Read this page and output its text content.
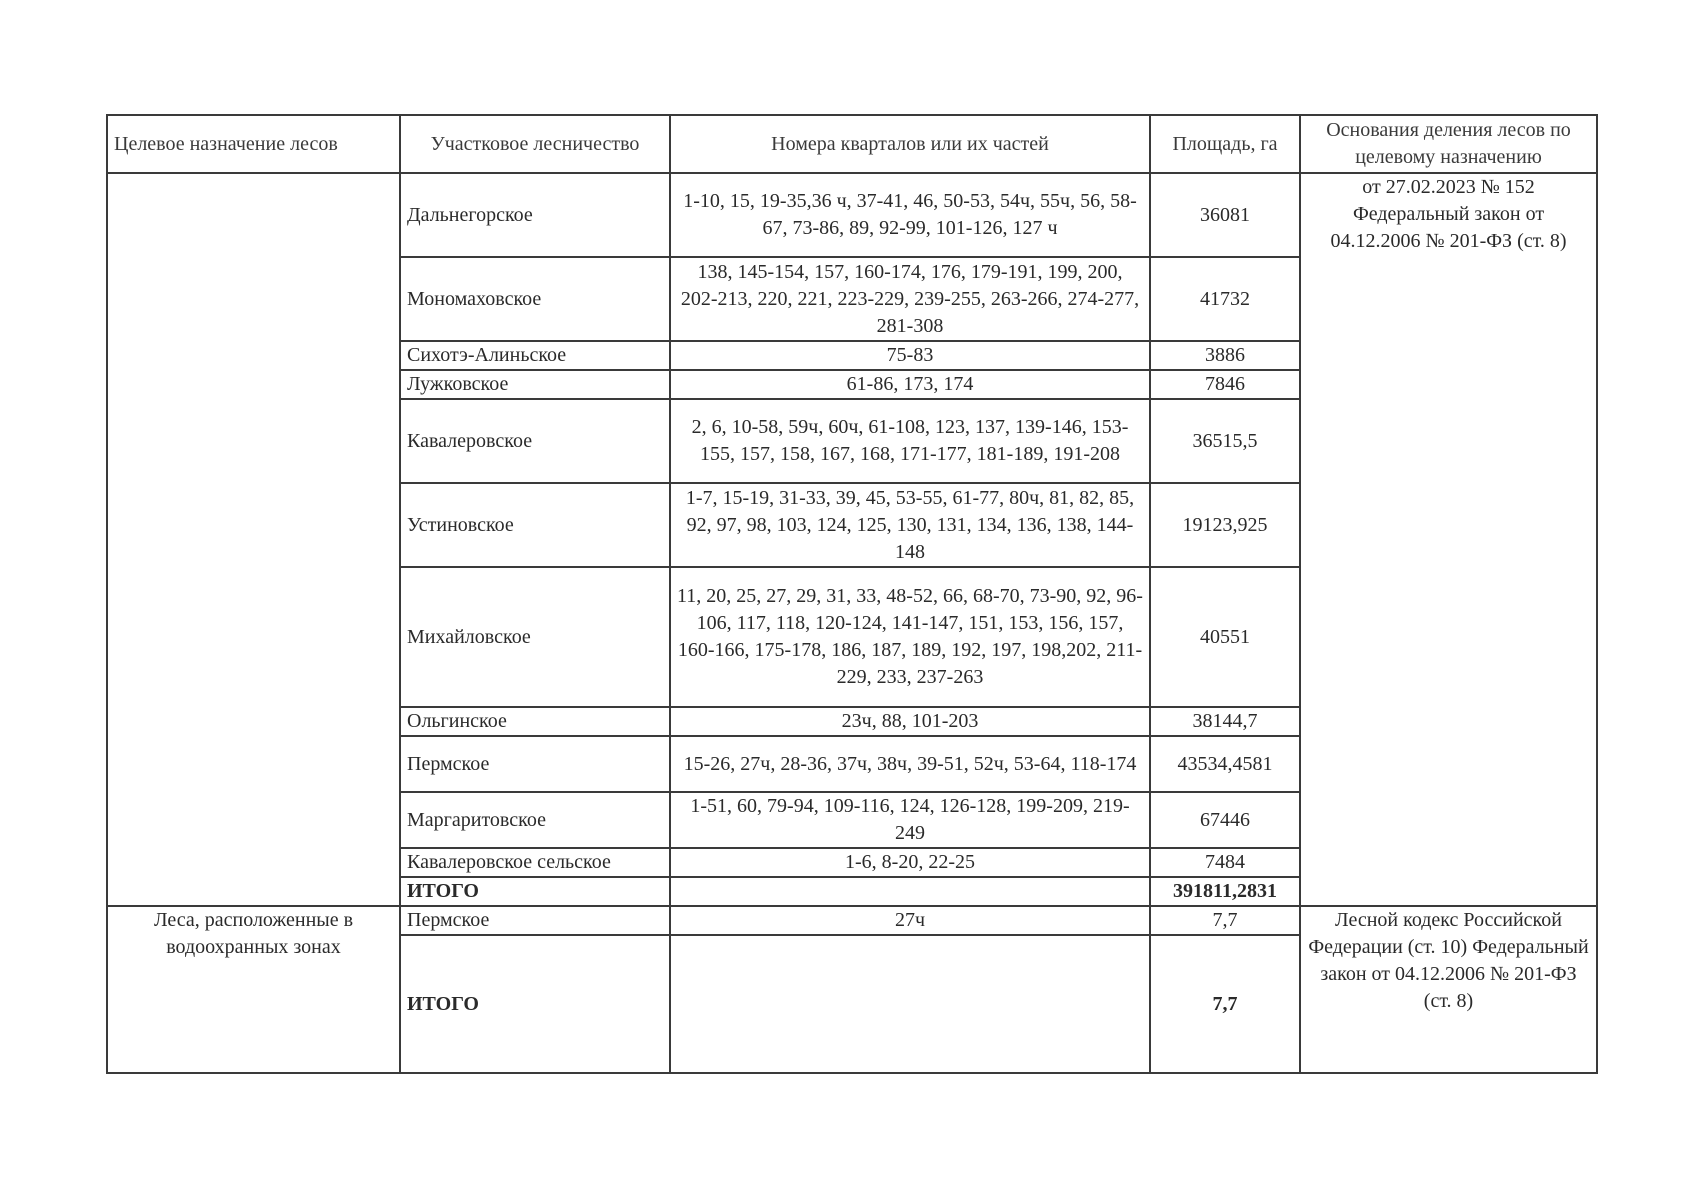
Целевое назначение лесов	Участковое лесничество	Номера кварталов или их частей	Площадь, га	Основания деления лесов по целевому назначению
	Дальнегорское	1-10, 15, 19-35,36 ч, 37-41, 46, 50-53, 54ч, 55ч, 56, 58-67, 73-86, 89, 92-99, 101-126, 127 ч	36081	от 27.02.2023 № 152 Федеральный закон от 04.12.2006 № 201-ФЗ (ст. 8)
	Мономаховское	138, 145-154, 157, 160-174, 176, 179-191, 199, 200, 202-213, 220, 221, 223-229, 239-255, 263-266, 274-277, 281-308	41732	
	Сихотэ-Алиньское	75-83	3886	
	Лужковское	61-86, 173, 174	7846	
	Кавалеровское	2, 6, 10-58, 59ч, 60ч, 61-108, 123, 137, 139-146, 153-155, 157, 158, 167, 168, 171-177, 181-189, 191-208	36515,5	
	Устиновское	1-7, 15-19, 31-33, 39, 45, 53-55, 61-77, 80ч, 81, 82, 85, 92, 97, 98, 103, 124, 125, 130, 131, 134, 136, 138, 144-148	19123,925	
	Михайловское	11, 20, 25, 27, 29, 31, 33, 48-52, 66, 68-70, 73-90, 92, 96-106, 117, 118, 120-124, 141-147, 151, 153, 156, 157, 160-166, 175-178, 186, 187, 189, 192, 197, 198,202, 211-229, 233, 237-263	40551	
	Ольгинское	23ч, 88, 101-203	38144,7	
	Пермское	15-26, 27ч, 28-36, 37ч, 38ч, 39-51, 52ч, 53-64, 118-174	43534,4581	
	Маргаритовское	1-51, 60, 79-94, 109-116, 124, 126-128, 199-209, 219-249	67446	
	Кавалеровское сельское	1-6, 8-20, 22-25	7484	
	ИТОГО		391811,2831	
Леса, расположенные в водоохранных зонах	Пермское	27ч	7,7	Лесной кодекс Российской Федерации (ст. 10) Федеральный закон от 04.12.2006 № 201-ФЗ (ст. 8)
	ИТОГО		7,7	
